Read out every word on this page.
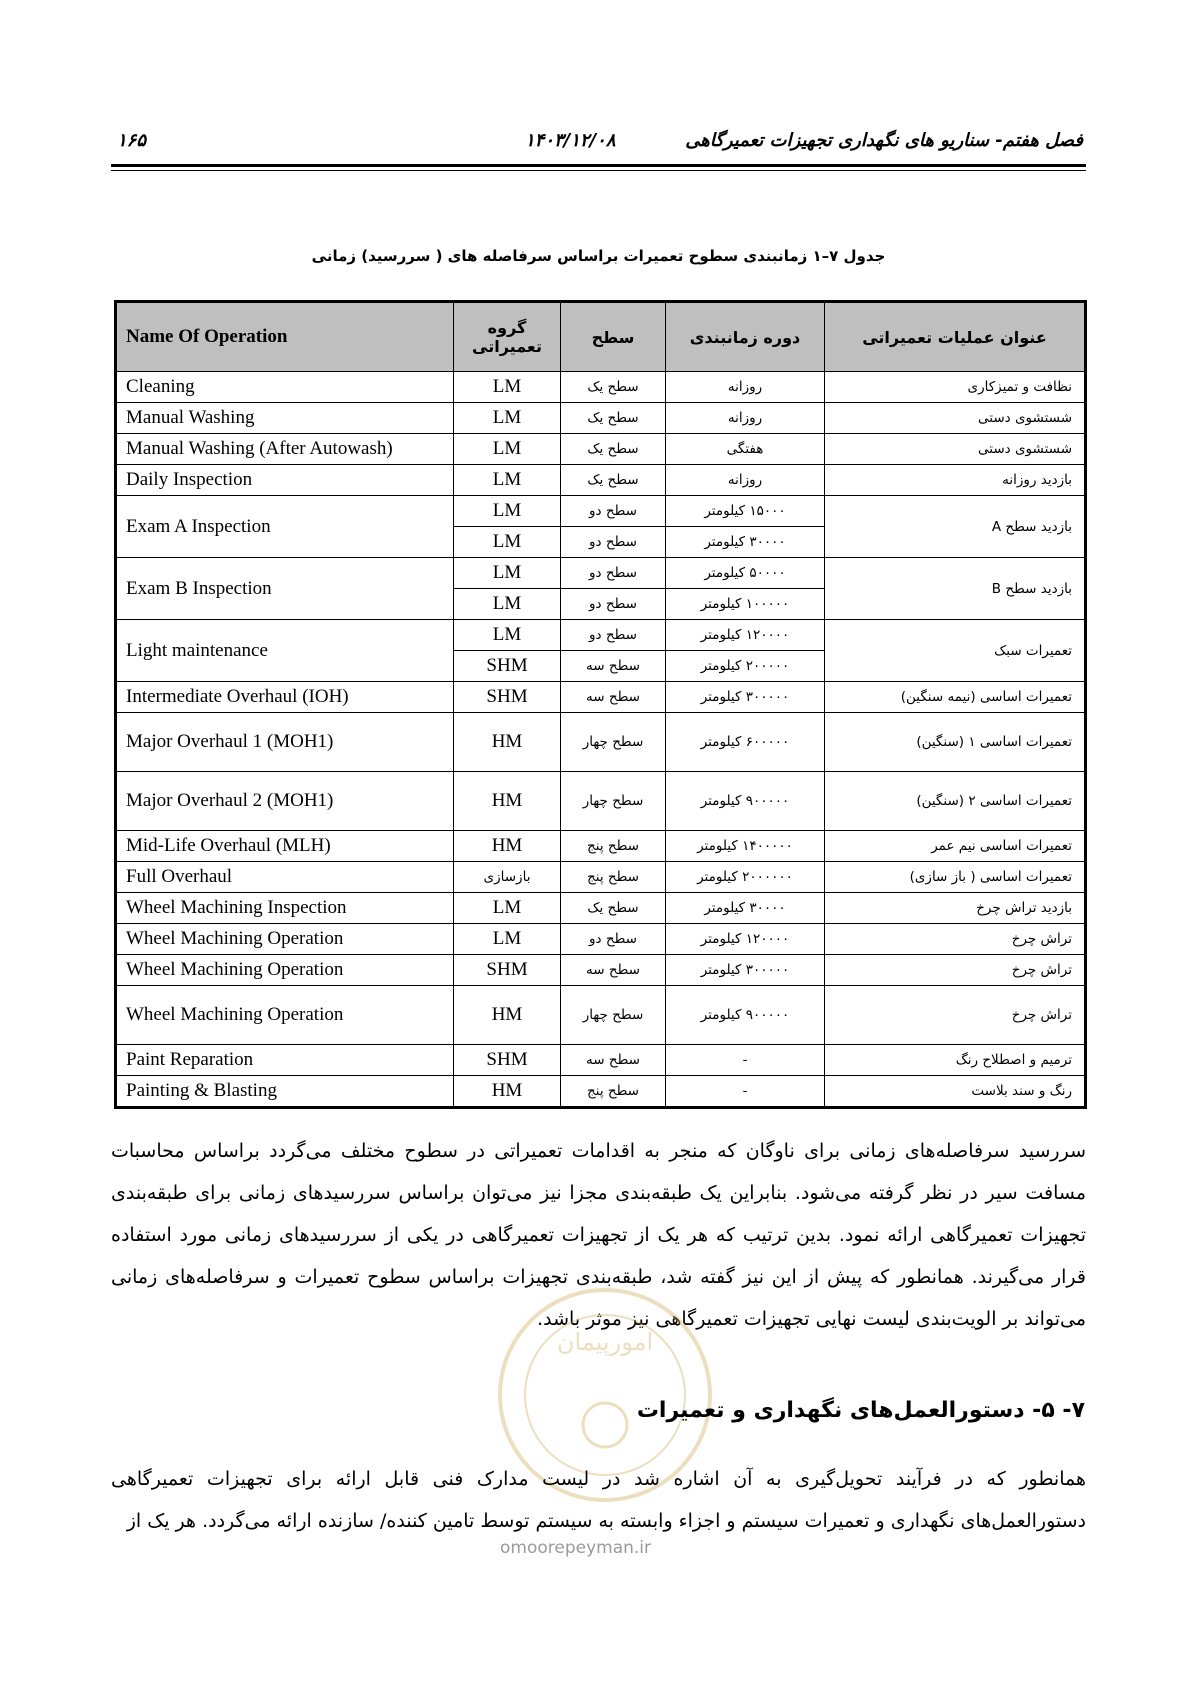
۱۶۵	۱۴۰۳/۱۲/۰۸	فصل هفتم- سناریو های نگهداری تجهیزات تعمیرگاهی
جدول ۷–۱ زمانبندی سطوح تعمیرات براساس سرفاصله های ( سررسید) زمانی
Name Of Operation	گروه تعمیراتی	سطح	دوره زمانبندی	عنوان عملیات تعمیراتی
Cleaning	LM	سطح یک	روزانه	نظافت و تمیزکاری
Manual Washing	LM	سطح یک	روزانه	شستشوی دستی
Manual Washing (After Autowash)	LM	سطح یک	هفتگی	شستشوی دستی
Daily Inspection	LM	سطح یک	روزانه	بازدید روزانه
Exam A Inspection	LM	سطح دو	۱۵۰۰۰ کیلومتر	بازدید سطح A
	LM	سطح دو	۳۰۰۰۰ کیلومتر	
Exam B Inspection	LM	سطح دو	۵۰۰۰۰ کیلومتر	بازدید سطح B
	LM	سطح دو	۱۰۰۰۰۰ کیلومتر	
Light maintenance	LM	سطح دو	۱۲۰۰۰۰ کیلومتر	تعمیرات سبک
	SHM	سطح سه	۲۰۰۰۰۰ کیلومتر	
Intermediate Overhaul (IOH)	SHM	سطح سه	۳۰۰۰۰۰ کیلومتر	تعمیرات اساسی (نیمه سنگین)
Major Overhaul 1 (MOH1)	HM	سطح چهار	۶۰۰۰۰۰ کیلومتر	تعمیرات اساسی ۱ (سنگین)
Major Overhaul 2 (MOH1)	HM	سطح چهار	۹۰۰۰۰۰ کیلومتر	تعمیرات اساسی ۲ (سنگین)
Mid-Life Overhaul (MLH)	HM	سطح پنج	۱۴۰۰۰۰۰ کیلومتر	تعمیرات اساسی نیم عمر
Full Overhaul	بازسازی	سطح پنج	۲۰۰۰۰۰۰ کیلومتر	تعمیرات اساسی ( باز سازی)
Wheel Machining Inspection	LM	سطح یک	۳۰۰۰۰ کیلومتر	بازدید تراش چرخ
Wheel Machining Operation	LM	سطح دو	۱۲۰۰۰۰ کیلومتر	تراش چرخ
Wheel Machining Operation	SHM	سطح سه	۳۰۰۰۰۰ کیلومتر	تراش چرخ
Wheel Machining Operation	HM	سطح چهار	۹۰۰۰۰۰ کیلومتر	تراش چرخ
Paint Reparation	SHM	سطح سه	-	ترمیم و اصطلاح رنگ
Painting & Blasting	HM	سطح پنج	-	رنگ و سند بلاست
سررسید سرفاصله‌های زمانی برای ناوگان که منجر به اقدامات تعمیراتی در سطوح مختلف می‌گردد براساس محاسبات مسافت سیر در نظر گرفته می‌شود. بنابراین یک طبقه‌بندی مجزا نیز می‌توان براساس سررسیدهای زمانی برای طبقه‌بندی تجهیزات تعمیرگاهی ارائه نمود. بدین ترتیب که هر یک از تجهیزات تعمیرگاهی در یکی از سررسیدهای زمانی مورد استفاده قرار می‌گیرند. همانطور که پیش از این نیز گفته شد، طبقه‌بندی تجهیزات براساس سطوح تعمیرات و سرفاصله‌های زمانی می‌تواند بر الویت‌بندی لیست نهایی تجهیزات تعمیرگاهی نیز موثر باشد.
امورپیمان
۷- ۵- دستورالعمل‌های نگهداری و تعمیرات
همانطور که در فرآیند تحویل‌گیری به آن اشاره شد در لیست مدارک فنی قابل ارائه برای تجهیزات تعمیرگاهی دستورالعمل‌های نگهداری و تعمیرات سیستم و اجزاء وابسته به سیستم توسط تامین کننده/ سازنده ارائه می‌گردد. هر یک از
omoorepeyman.ir
